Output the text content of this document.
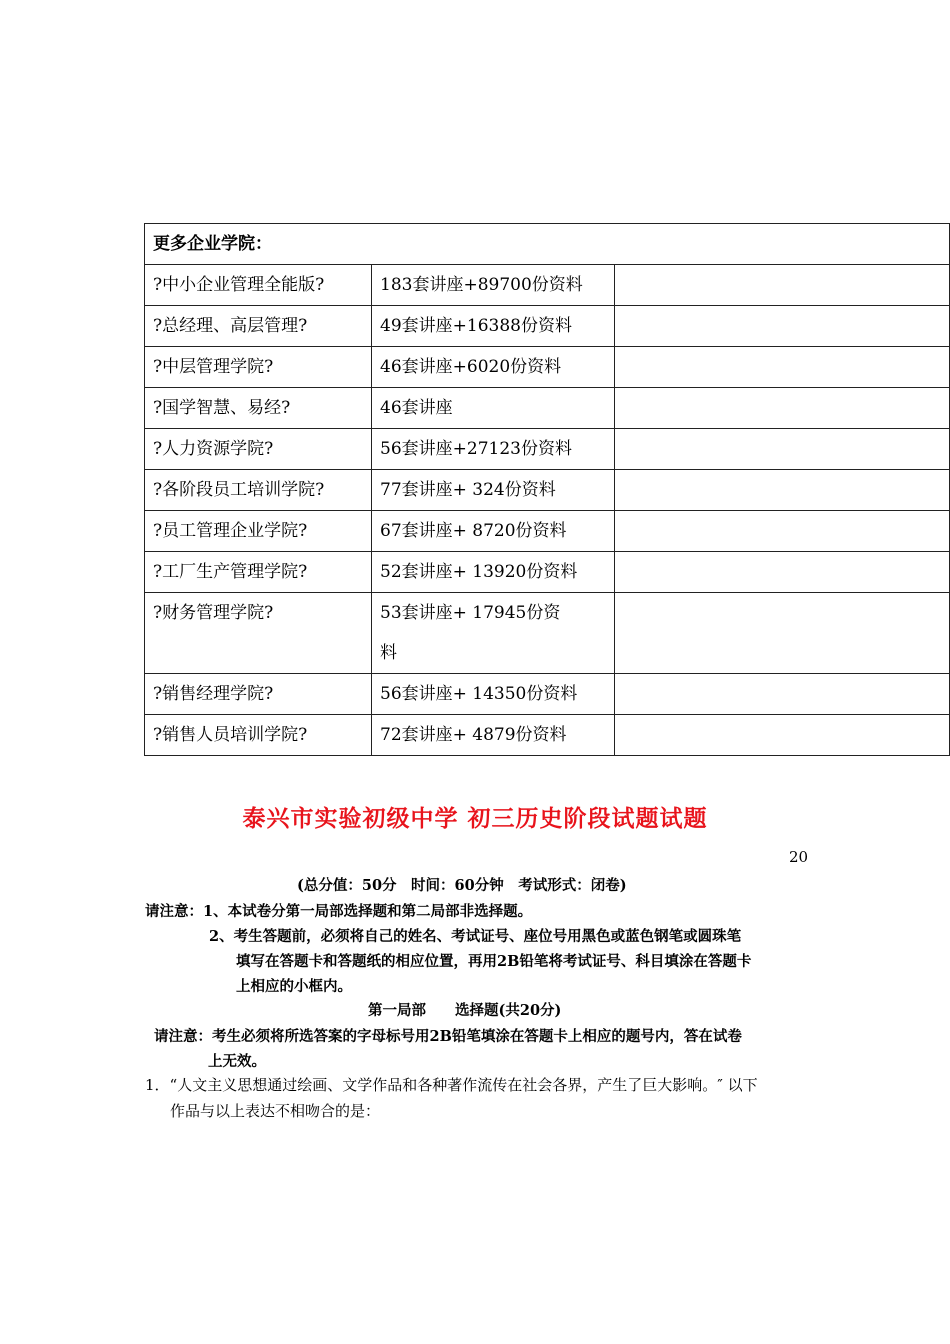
更多企业学院：		
?中小企业管理全能版?	183套讲座+89700份资料	

?总经理、高层管理?	49套讲座+16388份资料	

?中层管理学院?	46套讲座+6020份资料	

?国学智慧、易经?	46套讲座	

?人力资源学院?	56套讲座+27123份资料	

?各阶段员工培训学院?	77套讲座+ 324份资料	

?员工管理企业学院?	67套讲座+ 8720份资料	

?工厂生产管理学院?	52套讲座+ 13920份资料	

?财务管理学院?	53套讲座+ 17945份资
料	

?销售经理学院?	56套讲座+ 14350份资料	

?销售人员培训学院?	72套讲座+ 4879份资料	

泰兴市实验初级中学 初三历史阶段试题试题
20
(总分值：50分　时间：60分钟　考试形式：闭卷)
请注意：1、本试卷分第一局部选择题和第二局部非选择题。
2、考生答题前，必须将自己的姓名、考试证号、座位号用黑色或蓝色钢笔或圆珠笔
填写在答题卡和答题纸的相应位置，再用2B铅笔将考试证号、科目填涂在答题卡
上相应的小框内。
第一局部　　选择题(共20分)
请注意：考生必须将所选答案的字母标号用2B铅笔填涂在答题卡上相应的题号内，答在试卷
上无效。
1．“人文主义思想通过绘画、文学作品和各种著作流传在社会各界，产生了巨大影响。″ 以下
作品与以上表达不相吻合的是：
